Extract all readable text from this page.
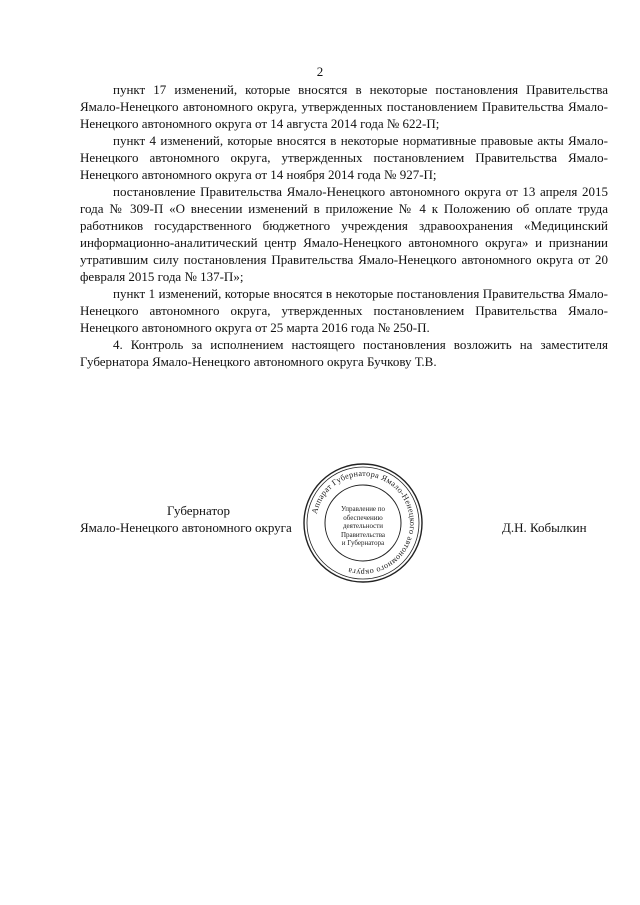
2

пункт 17 изменений, которые вносятся в некоторые постановления Правительства Ямало-Ненецкого автономного округа, утвержденных постановлением Правительства Ямало-Ненецкого автономного округа от 14 августа 2014 года № 622-П;

пункт 4 изменений, которые вносятся в некоторые нормативные правовые акты Ямало-Ненецкого автономного округа, утвержденных постановлением Правительства Ямало-Ненецкого автономного округа от 14 ноября 2014 года № 927-П;

постановление Правительства Ямало-Ненецкого автономного округа от 13 апреля 2015 года № 309-П «О внесении изменений в приложение № 4 к Положению об оплате труда работников государственного бюджетного учреждения здравоохранения «Медицинский информационно-аналитический центр Ямало-Ненецкого автономного округа» и признании утратившим силу постановления Правительства Ямало-Ненецкого автономного округа от 20 февраля 2015 года № 137-П»;

пункт 1 изменений, которые вносятся в некоторые постановления Правительства Ямало-Ненецкого автономного округа, утвержденных постановлением Правительства Ямало-Ненецкого автономного округа от 25 марта 2016 года № 250-П.

4. Контроль за исполнением настоящего постановления возложить на заместителя Губернатора Ямало-Ненецкого автономного округа Бучкову Т.В.

Губернатор
Ямало-Ненецкого автономного округа	Д.Н. Кобылкин
Аппарат Губернатора Ямало-Ненецкого автономного округа
Управление по
обеспечению
деятельности
Правительства
и Губернатора
